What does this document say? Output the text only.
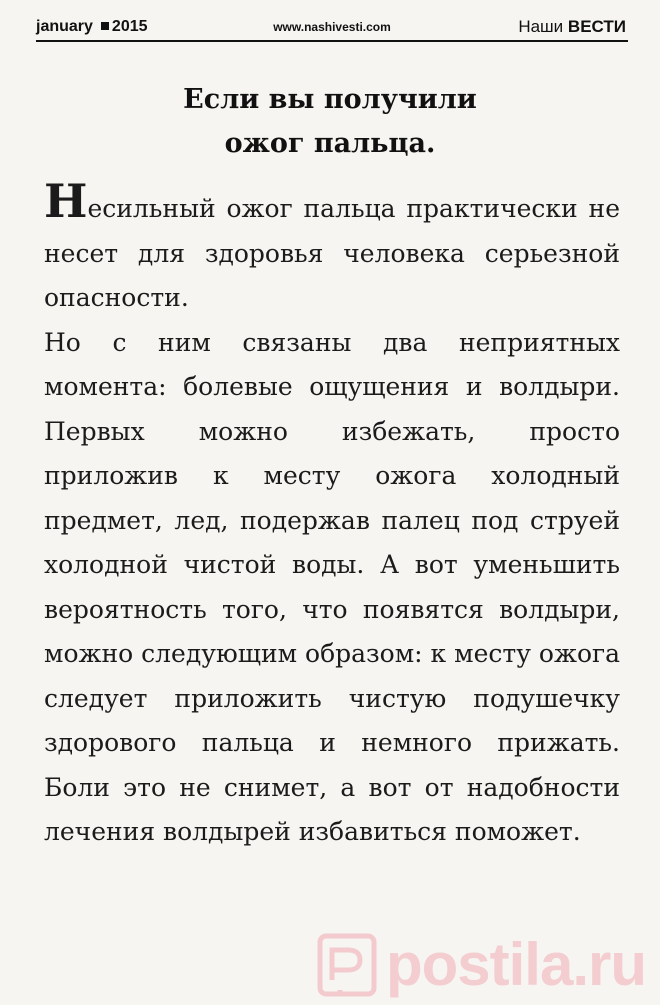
january 2015	www.nashivesti.com	Наши ВЕСТИ
Если вы получили
ожог пальца.

Несильный ожог пальца практически не несет для здоровья человека серьезной опасности.

Но с ним связаны два неприятных момента: болевые ощущения и волдыри. Первых можно избежать, просто приложив к месту ожога холодный предмет, лед, подержав палец под струей холодной чистой воды. А вот уменьшить вероятность того, что появятся волдыри, можно следующим образом: к месту ожога следует приложить чистую подушечку здорового пальца и немного прижать. Боли это не снимет, а вот от надобности лечения волдырей избавиться поможет.

postila.ru
